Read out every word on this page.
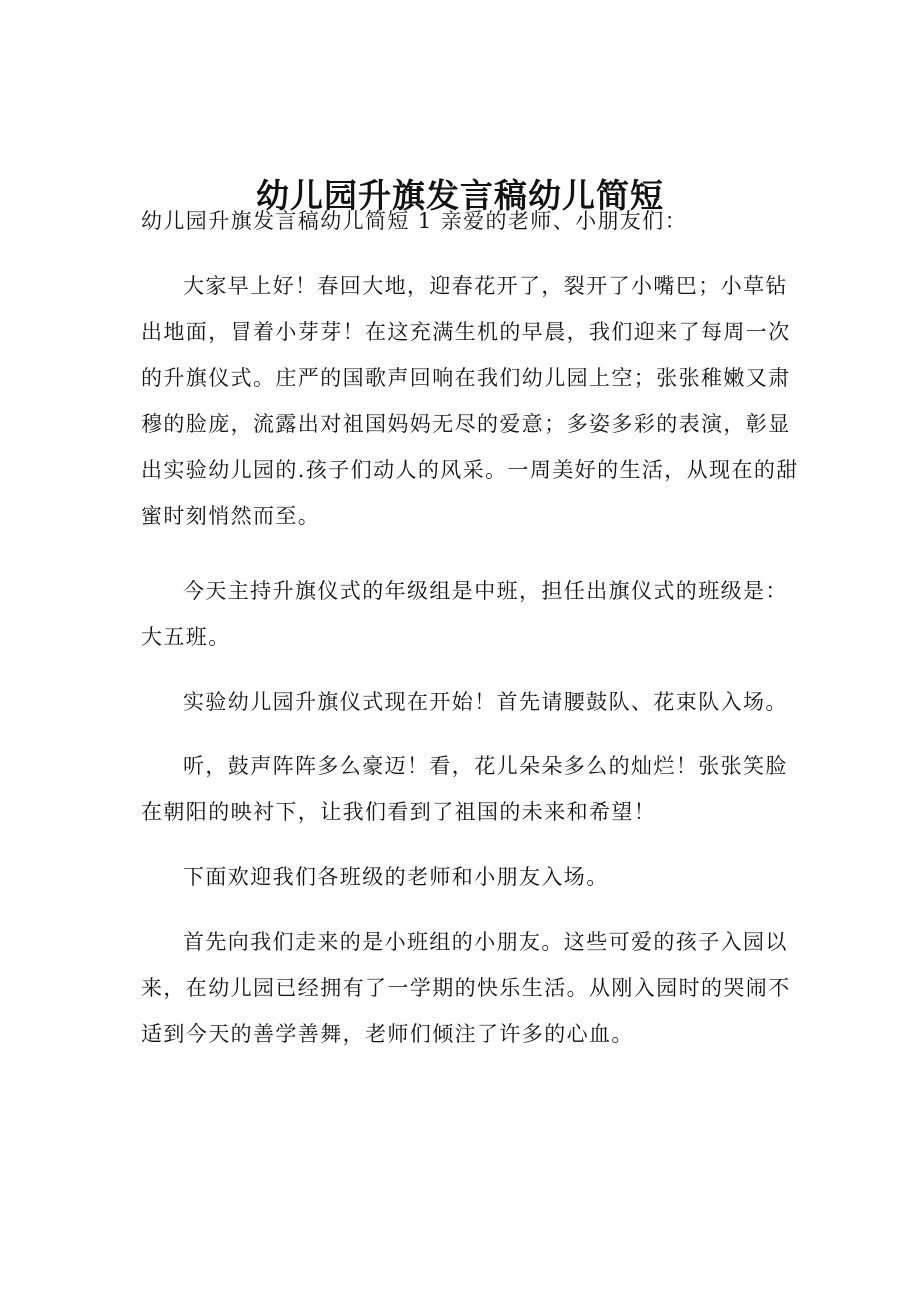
幼儿园升旗发言稿幼儿简短

幼儿园升旗发言稿幼儿简短 1 亲爱的老师、小朋友们：

大家早上好！春回大地，迎春花开了，裂开了小嘴巴；小草钻
出地面，冒着小芽芽！在这充满生机的早晨，我们迎来了每周一次
的升旗仪式。庄严的国歌声回响在我们幼儿园上空；张张稚嫩又肃
穆的脸庞，流露出对祖国妈妈无尽的爱意；多姿多彩的表演，彰显
出实验幼儿园的.孩子们动人的风采。一周美好的生活，从现在的甜
蜜时刻悄然而至。

今天主持升旗仪式的年级组是中班，担任出旗仪式的班级是：
大五班。

实验幼儿园升旗仪式现在开始！首先请腰鼓队、花束队入场。

听，鼓声阵阵多么豪迈！看，花儿朵朵多么的灿烂！张张笑脸
在朝阳的映衬下，让我们看到了祖国的未来和希望！

下面欢迎我们各班级的老师和小朋友入场。

首先向我们走来的是小班组的小朋友。这些可爱的孩子入园以
来，在幼儿园已经拥有了一学期的快乐生活。从刚入园时的哭闹不
适到今天的善学善舞，老师们倾注了许多的心血。
